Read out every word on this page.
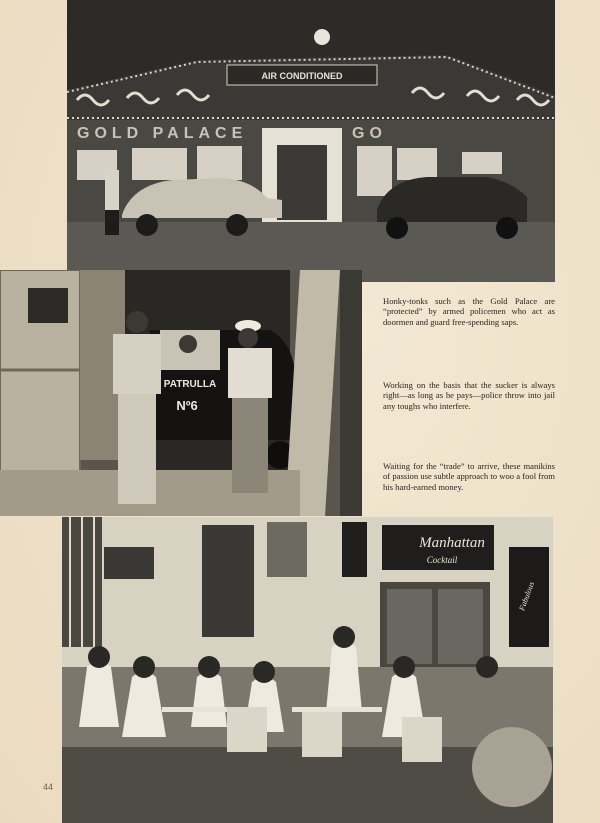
AIR CONDITIONED
GOLD PALACE	GO
PATRULLA
Nº6

Honky-tonks such as the Gold Palace are “protected” by armed policemen who act as doormen and guard free-spending saps.

Working on the basis that the sucker is always right—as long as he pays—police throw into jail any toughs who interfere.

Waiting for the “trade” to arrive, these manikins of passion use subtle approach to woo a fool from his hard-earned money.

Manhattan
Cocktail
Fabulous
44
